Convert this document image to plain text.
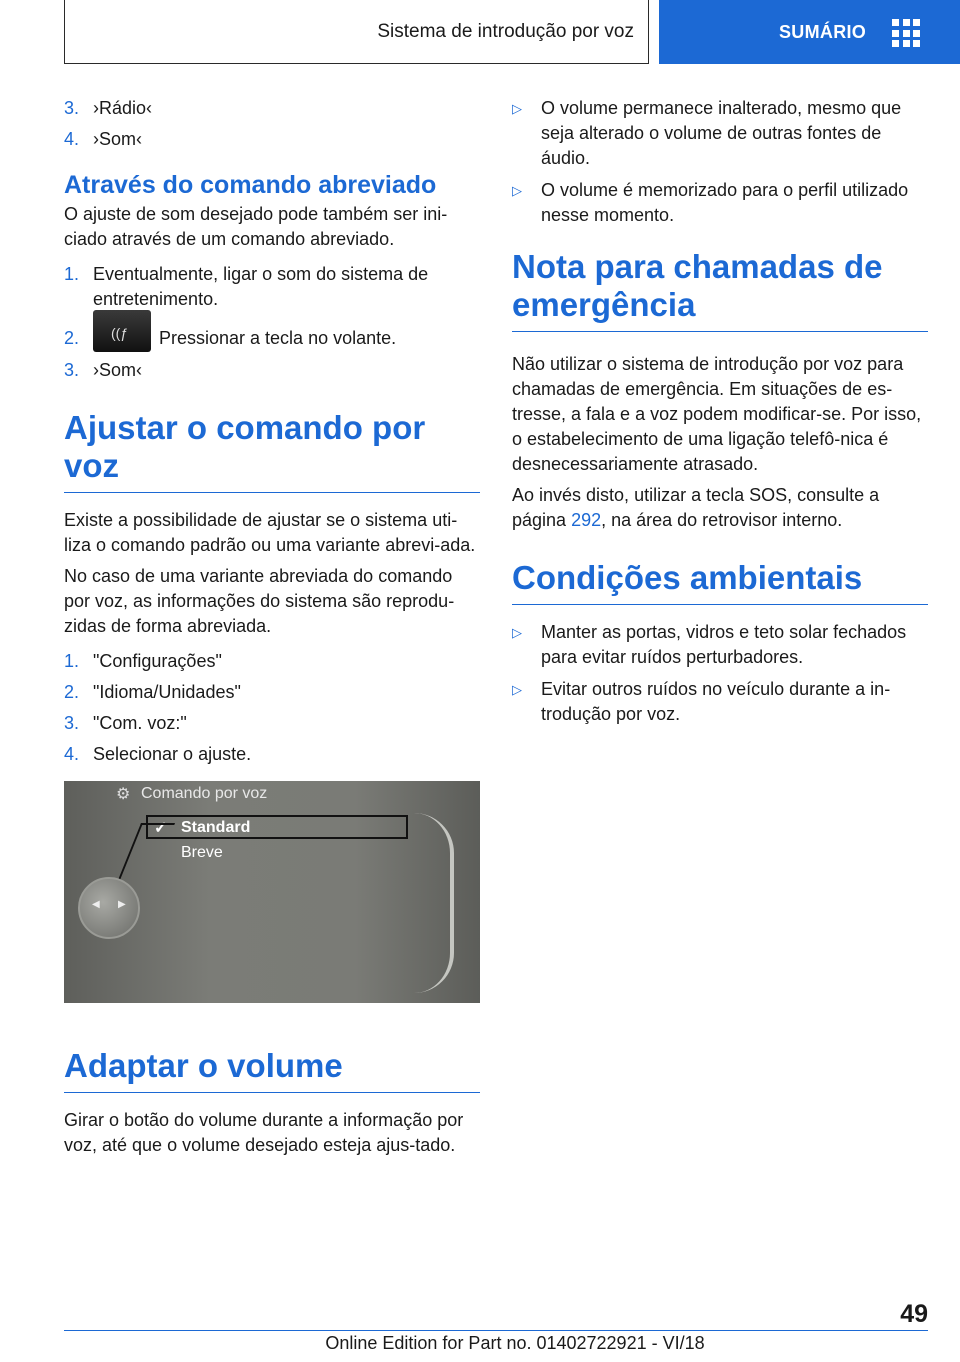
Sistema de introdução por voz	SUMÁRIO
3. ›Rádio‹
4. ›Som‹
Através do comando abreviado

O ajuste de som desejado pode também ser ini-ciado através de um comando abreviado.

1. Eventualmente, ligar o som do sistema de entretenimento.
2.	((ƒ Pressionar a tecla no volante.
3. ›Som‹
Ajustar o comando por voz

Existe a possibilidade de ajustar se o sistema uti-liza o comando padrão ou uma variante abrevi-ada.

No caso de uma variante abreviada do comando por voz, as informações do sistema são reprodu-zidas de forma abreviada.

1. "Configurações"
2. "Idioma/Unidades"
3. "Com. voz:"
4. Selecionar o ajuste.
⚙ Comando por voz
✓ Standard
Breve
◀ ▶
Adaptar o volume

Girar o botão do volume durante a informação por voz, até que o volume desejado esteja ajus-tado.

▷	O volume permanece inalterado, mesmo que seja alterado o volume de outras fontes de áudio.
▷	O volume é memorizado para o perfil utilizado nesse momento.
Nota para chamadas de emergência

Não utilizar o sistema de introdução por voz para chamadas de emergência. Em situações de es-tresse, a fala e a voz podem modificar-se. Por isso, o estabelecimento de uma ligação telefô-nica é desnecessariamente atrasado.

Ao invés disto, utilizar a tecla SOS, consulte a página 292, na área do retrovisor interno.

Condições ambientais
▷	Manter as portas, vidros e teto solar fechados para evitar ruídos perturbadores.
▷	Evitar outros ruídos no veículo durante a in-trodução por voz.
49
Online Edition for Part no. 01402722921 - VI/18
